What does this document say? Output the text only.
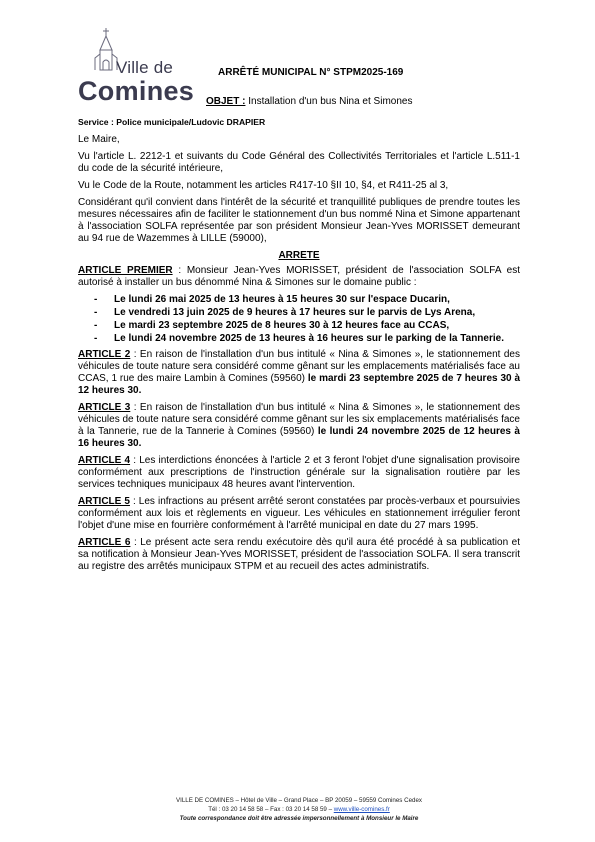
Ville de
Comines
ARRÊTÉ MUNICIPAL N° STPM2025-169
OBJET : Installation d'un bus Nina et Simones
Service : Police municipale/Ludovic DRAPIER

Le Maire,

Vu l'article L. 2212-1 et suivants du Code Général des Collectivités Territoriales et l'article L.511-1 du code de la sécurité intérieure,

Vu le Code de la Route, notamment les articles R417-10 §II 10, §4, et R411-25 al 3,

Considérant qu'il convient dans l'intérêt de la sécurité et tranquillité publiques de prendre toutes les mesures nécessaires afin de faciliter le stationnement d'un bus nommé Nina et Simone appartenant à l'association SOLFA représentée par son président Monsieur Jean-Yves MORISSET demeurant au 94 rue de Wazemmes à LILLE (59000),

ARRETE

ARTICLE PREMIER : Monsieur Jean-Yves MORISSET, président de l'association SOLFA est autorisé à installer un bus dénommé Nina & Simones sur le domaine public :

- Le lundi 26 mai 2025 de 13 heures à 15 heures 30 sur l'espace Ducarin,
- Le vendredi 13 juin 2025 de 9 heures à 17 heures sur le parvis de Lys Arena,
- Le mardi 23 septembre 2025 de 8 heures 30 à 12 heures face au CCAS,
- Le lundi 24 novembre 2025 de 13 heures à 16 heures sur le parking de la Tannerie.

ARTICLE 2 : En raison de l'installation d'un bus intitulé « Nina & Simones », le stationnement des véhicules de toute nature sera considéré comme gênant sur les emplacements matérialisés face au CCAS, 1 rue des maire Lambin à Comines (59560) le mardi 23 septembre 2025 de 7 heures 30 à 12 heures 30.

ARTICLE 3 : En raison de l'installation d'un bus intitulé « Nina & Simones », le stationnement des véhicules de toute nature sera considéré comme gênant sur les six emplacements matérialisés face à la Tannerie, rue de la Tannerie à Comines (59560) le lundi 24 novembre 2025 de 12 heures à 16 heures 30.

ARTICLE 4 : Les interdictions énoncées à l'article 2 et 3 feront l'objet d'une signalisation provisoire conformément aux prescriptions de l'instruction générale sur la signalisation routière par les services techniques municipaux 48 heures avant l'intervention.

ARTICLE 5 : Les infractions au présent arrêté seront constatées par procès-verbaux et poursuivies conformément aux lois et règlements en vigueur. Les véhicules en stationnement irrégulier feront l'objet d'une mise en fourrière conformément à l'arrêté municipal en date du 27 mars 1995.

ARTICLE 6 : Le présent acte sera rendu exécutoire dès qu'il aura été procédé à sa publication et sa notification à Monsieur Jean-Yves MORISSET, président de l'association SOLFA. Il sera transcrit au registre des arrêtés municipaux STPM et au recueil des actes administratifs.

VILLE DE COMINES – Hôtel de Ville – Grand Place – BP 20059 – 59559 Comines Cedex
Tél : 03 20 14 58 58 – Fax : 03 20 14 58 59 – www.ville-comines.fr
Toute correspondance doit être adressée impersonnellement à Monsieur le Maire
